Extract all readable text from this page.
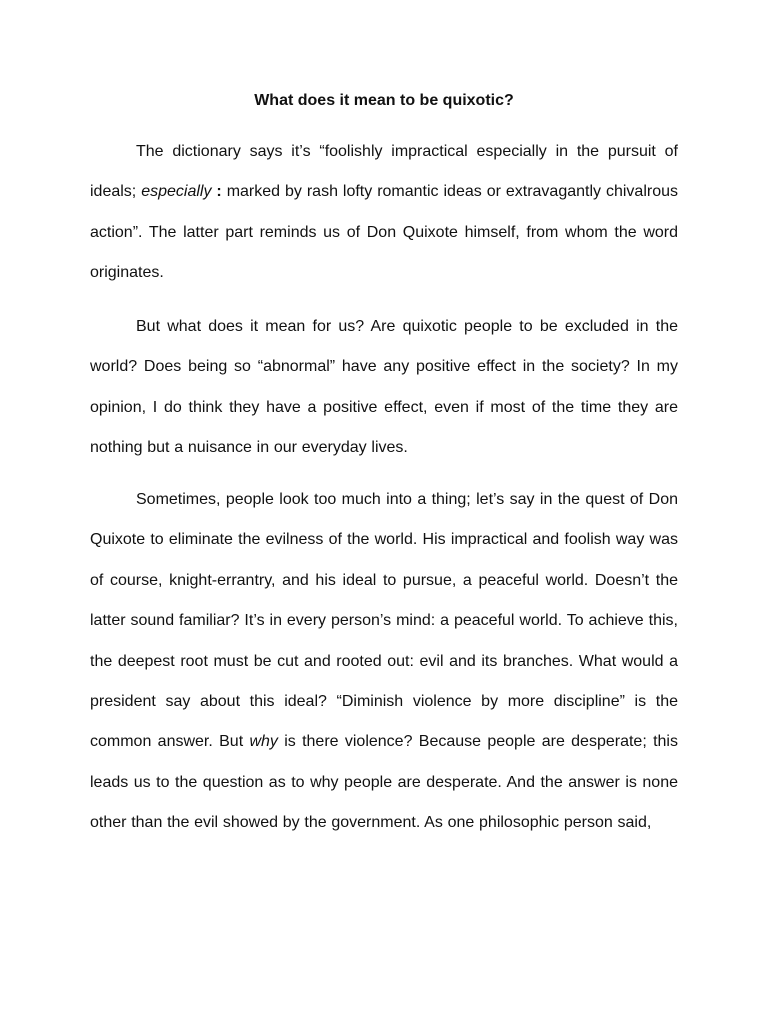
What does it mean to be quixotic?

The dictionary says it’s “foolishly impractical especially in the pursuit of ideals; especially : marked by rash lofty romantic ideas or extravagantly chivalrous action”. The latter part reminds us of Don Quixote himself, from whom the word originates.

But what does it mean for us? Are quixotic people to be excluded in the world? Does being so “abnormal” have any positive effect in the society? In my opinion, I do think they have a positive effect, even if most of the time they are nothing but a nuisance in our everyday lives.

Sometimes, people look too much into a thing; let’s say in the quest of Don Quixote to eliminate the evilness of the world. His impractical and foolish way was of course, knight-errantry, and his ideal to pursue, a peaceful world. Doesn’t the latter sound familiar? It’s in every person’s mind: a peaceful world. To achieve this, the deepest root must be cut and rooted out: evil and its branches. What would a president say about this ideal? “Diminish violence by more discipline” is the common answer. But why is there violence? Because people are desperate; this leads us to the question as to why people are desperate. And the answer is none other than the evil showed by the government. As one philosophic person said,
